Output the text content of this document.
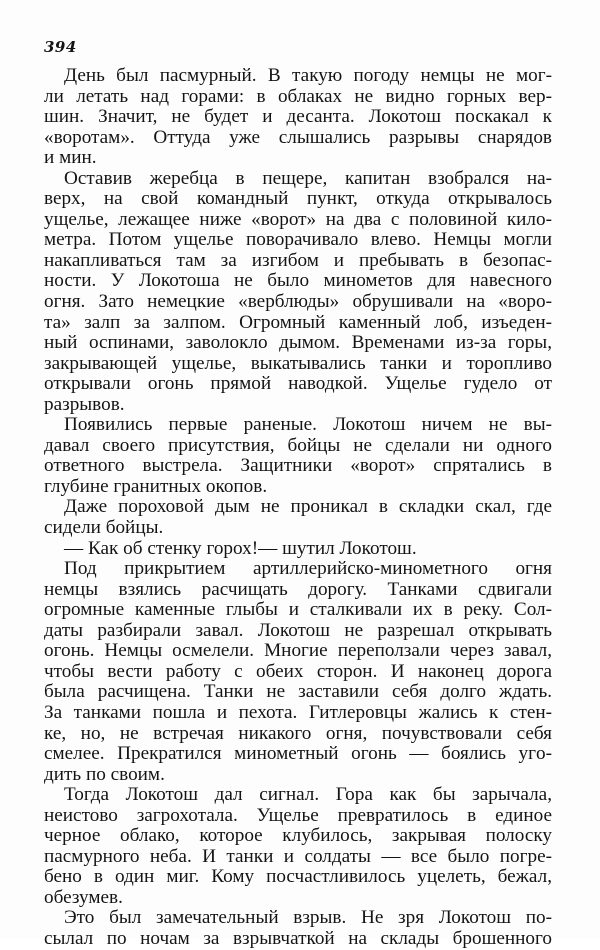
394
День был пасмурный. В такую погоду немцы не мог-
ли летать над горами: в облаках не видно горных вер-
шин. Значит, не будет и десанта. Локотош поскакал к
«воротам». Оттуда уже слышались разрывы снарядов
и мин.
Оставив жеребца в пещере, капитан взобрался на-
верх, на свой командный пункт, откуда открывалось
ущелье, лежащее ниже «ворот» на два с половиной кило-
метра. Потом ущелье поворачивало влево. Немцы могли
накапливаться там за изгибом и пребывать в безопас-
ности. У Локотоша не было минометов для навесного
огня. Зато немецкие «верблюды» обрушивали на «воро-
та» залп за залпом. Огромный каменный лоб, изъеден-
ный оспинами, заволокло дымом. Временами из-за горы,
закрывающей ущелье, выкатывались танки и торопливо
открывали огонь прямой наводкой. Ущелье гудело от
разрывов.
Появились первые раненые. Локотош ничем не вы-
давал своего присутствия, бойцы не сделали ни одного
ответного выстрела. Защитники «ворот» спрятались в
глубине гранитных окопов.
Даже пороховой дым не проникал в складки скал, где
сидели бойцы.
— Как об стенку горох!— шутил Локотош.
Под прикрытием артиллерийско-минометного огня
немцы взялись расчищать дорогу. Танками сдвигали
огромные каменные глыбы и сталкивали их в реку. Сол-
даты разбирали завал. Локотош не разрешал открывать
огонь. Немцы осмелели. Многие переползали через завал,
чтобы вести работу с обеих сторон. И наконец дорога
была расчищена. Танки не заставили себя долго ждать.
За танками пошла и пехота. Гитлеровцы жались к стен-
ке, но, не встречая никакого огня, почувствовали себя
смелее. Прекратился минометный огонь — боялись угo-
дить по своим.
Тогда Локотош дал сигнал. Гора как бы зарычала,
неистово загрохотала. Ущелье превратилось в единое
черное облако, которое клубилось, закрывая полоску
пасмурного неба. И танки и солдаты — все было погре-
бено в один миг. Кому посчастливилось уцелеть, бежал,
обезумев.
Это был замечательный взрыв. Не зря Локотош по-
сылал по ночам за взрывчаткой на склады брошенного
